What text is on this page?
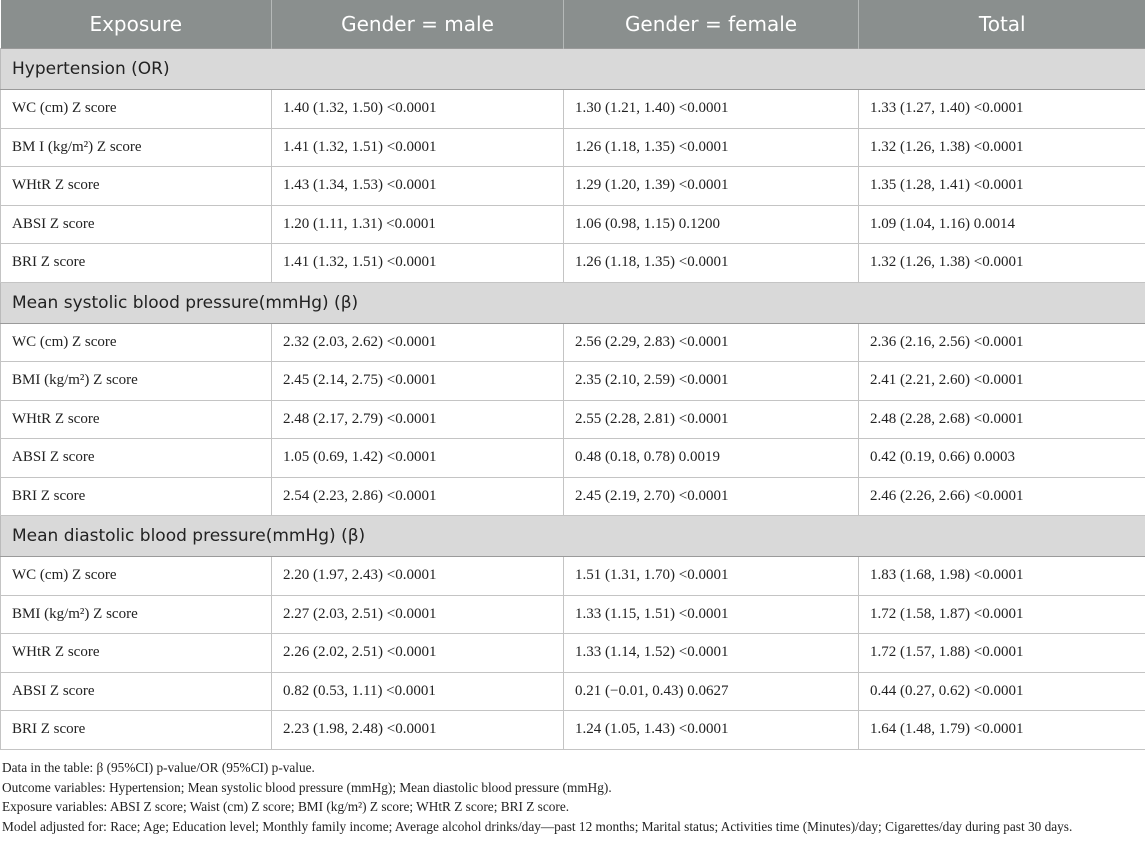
Exposure	Gender = male	Gender = female	Total
Hypertension (OR)			
WC (cm) Z score	1.40 (1.32, 1.50) <0.0001	1.30 (1.21, 1.40) <0.0001	1.33 (1.27, 1.40) <0.0001
BM I (kg/m²) Z score	1.41 (1.32, 1.51) <0.0001	1.26 (1.18, 1.35) <0.0001	1.32 (1.26, 1.38) <0.0001
WHtR Z score	1.43 (1.34, 1.53) <0.0001	1.29 (1.20, 1.39) <0.0001	1.35 (1.28, 1.41) <0.0001
ABSI Z score	1.20 (1.11, 1.31) <0.0001	1.06 (0.98, 1.15) 0.1200	1.09 (1.04, 1.16) 0.0014
BRI Z score	1.41 (1.32, 1.51) <0.0001	1.26 (1.18, 1.35) <0.0001	1.32 (1.26, 1.38) <0.0001
Mean systolic blood pressure(mmHg) (β)			
WC (cm) Z score	2.32 (2.03, 2.62) <0.0001	2.56 (2.29, 2.83) <0.0001	2.36 (2.16, 2.56) <0.0001
BMI (kg/m²) Z score	2.45 (2.14, 2.75) <0.0001	2.35 (2.10, 2.59) <0.0001	2.41 (2.21, 2.60) <0.0001
WHtR Z score	2.48 (2.17, 2.79) <0.0001	2.55 (2.28, 2.81) <0.0001	2.48 (2.28, 2.68) <0.0001
ABSI Z score	1.05 (0.69, 1.42) <0.0001	0.48 (0.18, 0.78) 0.0019	0.42 (0.19, 0.66) 0.0003
BRI Z score	2.54 (2.23, 2.86) <0.0001	2.45 (2.19, 2.70) <0.0001	2.46 (2.26, 2.66) <0.0001
Mean diastolic blood pressure(mmHg) (β)			
WC (cm) Z score	2.20 (1.97, 2.43) <0.0001	1.51 (1.31, 1.70) <0.0001	1.83 (1.68, 1.98) <0.0001
BMI (kg/m²) Z score	2.27 (2.03, 2.51) <0.0001	1.33 (1.15, 1.51) <0.0001	1.72 (1.58, 1.87) <0.0001
WHtR Z score	2.26 (2.02, 2.51) <0.0001	1.33 (1.14, 1.52) <0.0001	1.72 (1.57, 1.88) <0.0001
ABSI Z score	0.82 (0.53, 1.11) <0.0001	0.21 (−0.01, 0.43) 0.0627	0.44 (0.27, 0.62) <0.0001
BRI Z score	2.23 (1.98, 2.48) <0.0001	1.24 (1.05, 1.43) <0.0001	1.64 (1.48, 1.79) <0.0001

Data in the table: β (95%CI) p-value/OR (95%CI) p-value.

Outcome variables: Hypertension; Mean systolic blood pressure (mmHg); Mean diastolic blood pressure (mmHg).

Exposure variables: ABSI Z score; Waist (cm) Z score; BMI (kg/m²) Z score; WHtR Z score; BRI Z score.

Model adjusted for: Race; Age; Education level; Monthly family income; Average alcohol drinks/day—past 12 months; Marital status; Activities time (Minutes)/day; Cigarettes/day during past 30 days.
